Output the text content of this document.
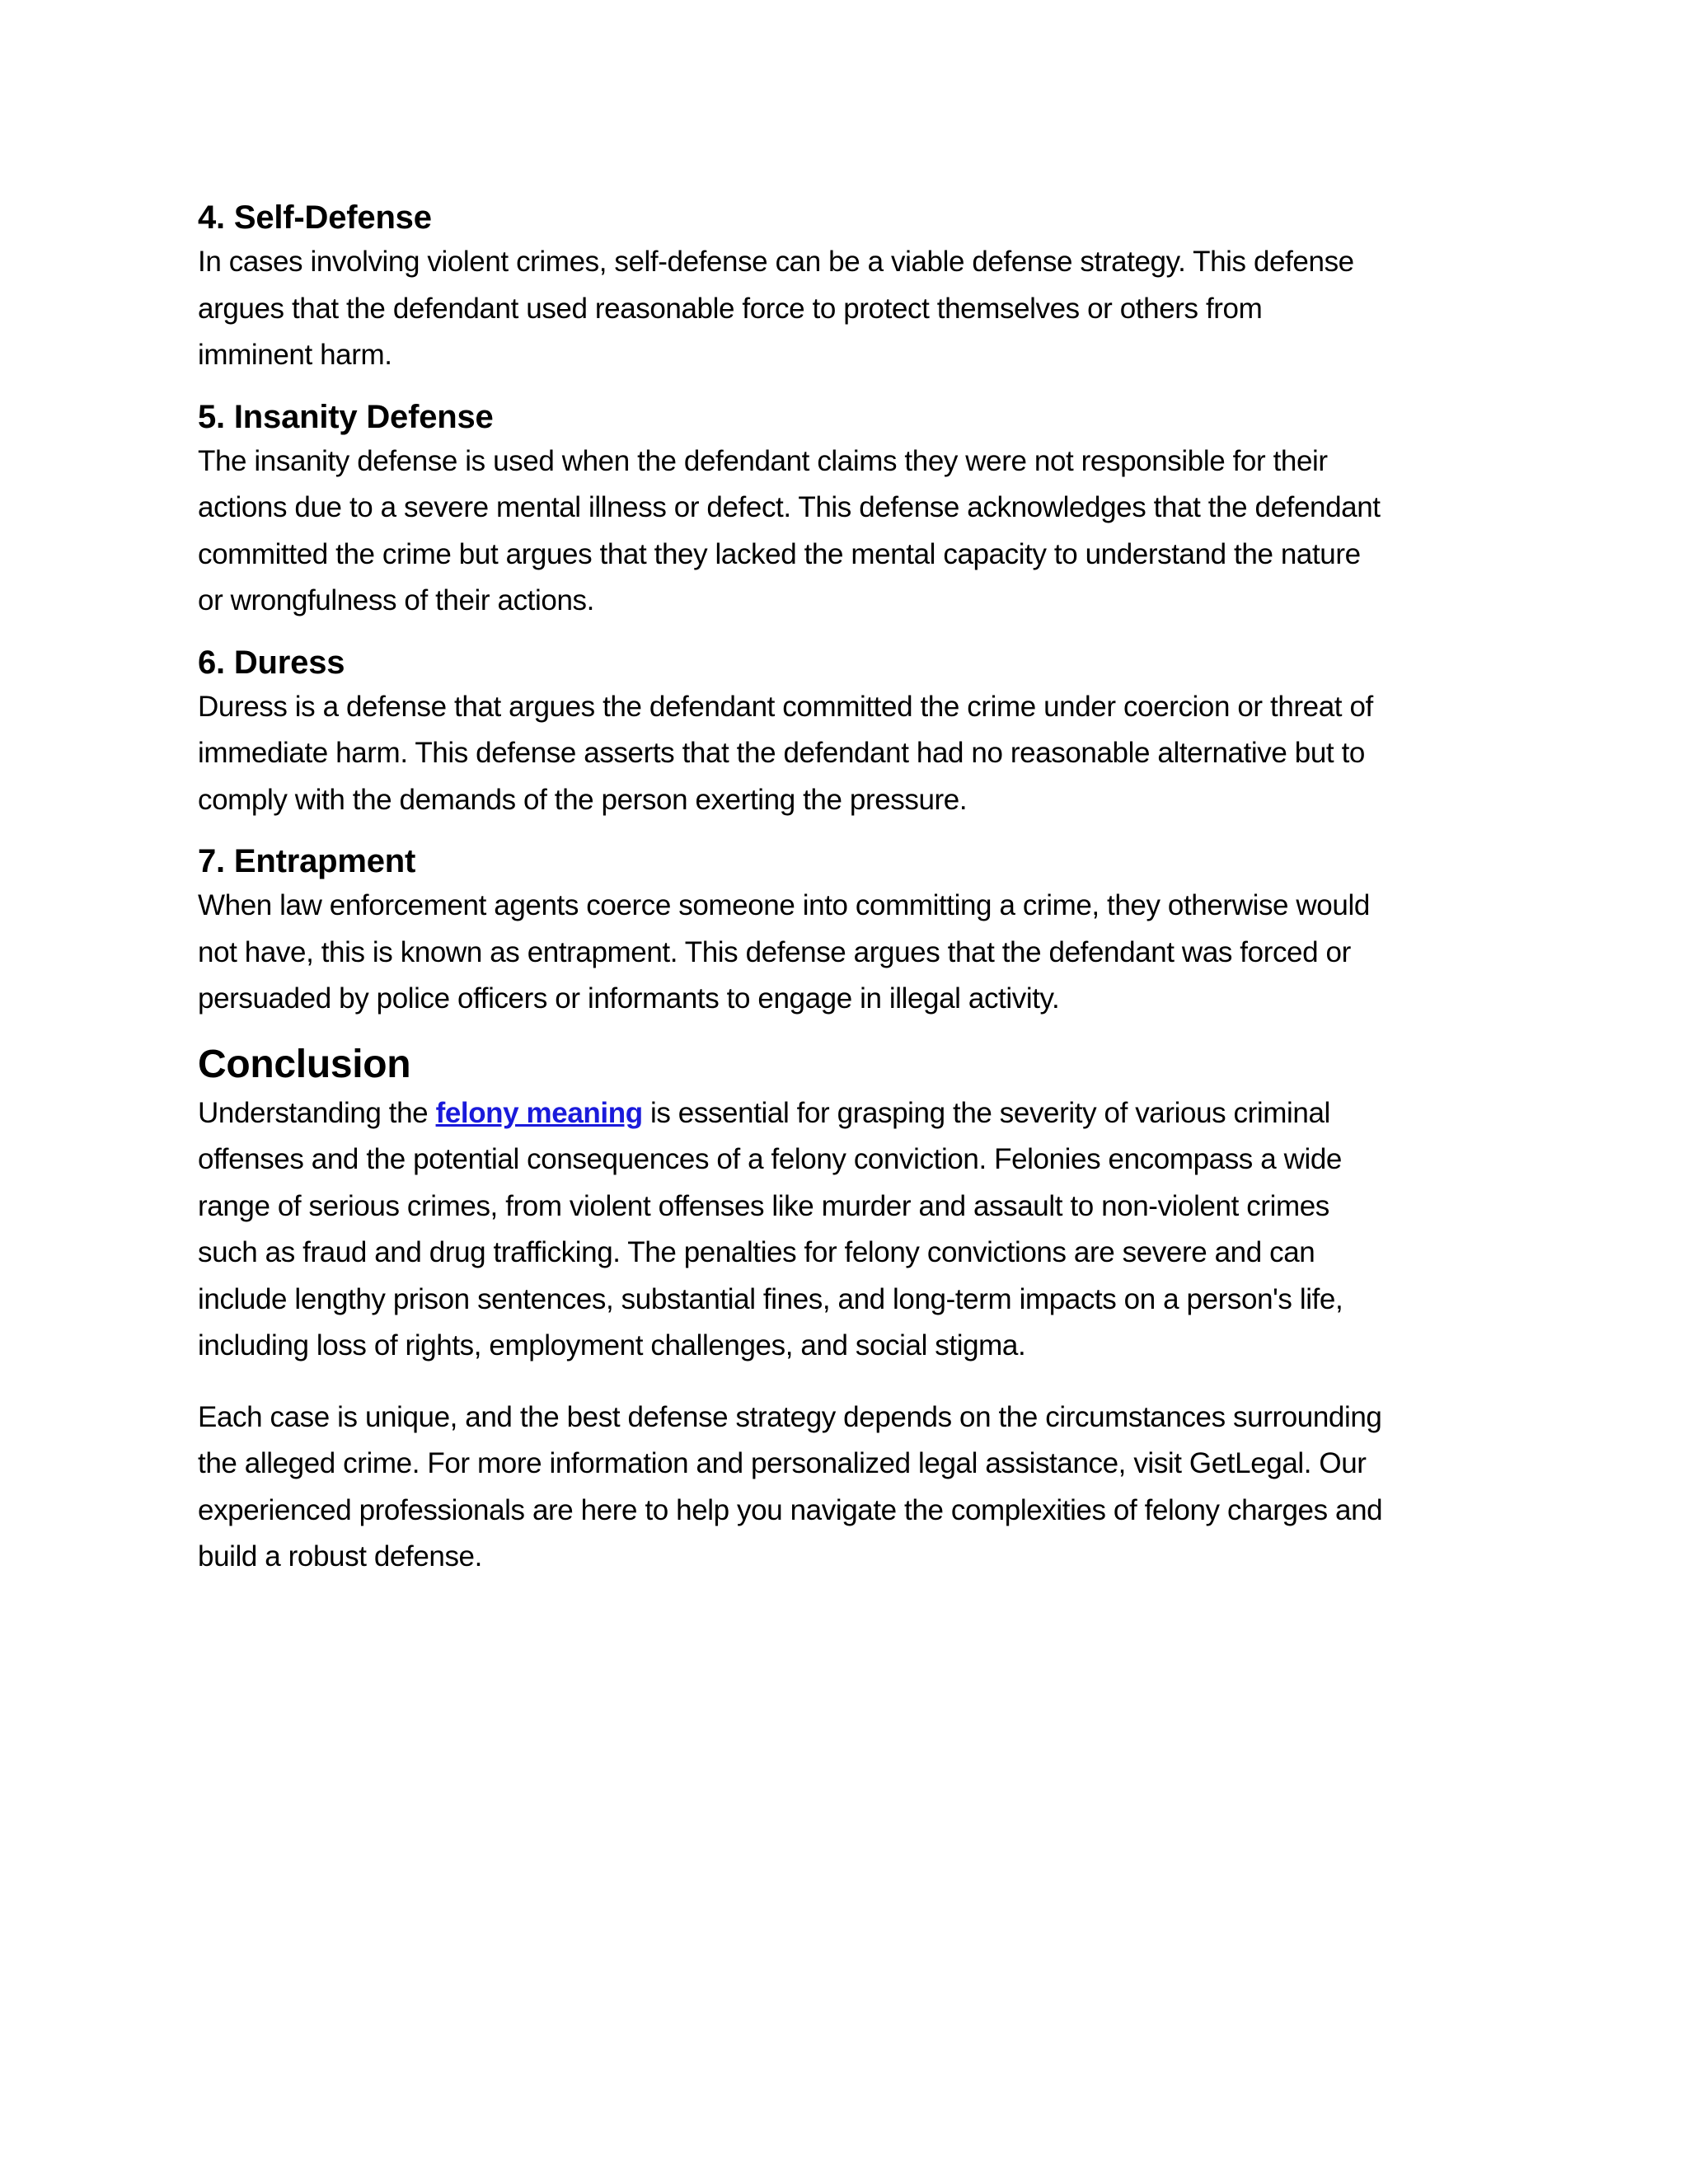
4. Self-Defense

In cases involving violent crimes, self-defense can be a viable defense strategy. This defense
argues that the defendant used reasonable force to protect themselves or others from
imminent harm.

5. Insanity Defense

The insanity defense is used when the defendant claims they were not responsible for their
actions due to a severe mental illness or defect. This defense acknowledges that the defendant
committed the crime but argues that they lacked the mental capacity to understand the nature
or wrongfulness of their actions.

6. Duress

Duress is a defense that argues the defendant committed the crime under coercion or threat of
immediate harm. This defense asserts that the defendant had no reasonable alternative but to
comply with the demands of the person exerting the pressure.

7. Entrapment

When law enforcement agents coerce someone into committing a crime, they otherwise would
not have, this is known as entrapment. This defense argues that the defendant was forced or
persuaded by police officers or informants to engage in illegal activity.

Conclusion

Understanding the felony meaning is essential for grasping the severity of various criminal
offenses and the potential consequences of a felony conviction. Felonies encompass a wide
range of serious crimes, from violent offenses like murder and assault to non-violent crimes
such as fraud and drug trafficking. The penalties for felony convictions are severe and can
include lengthy prison sentences, substantial fines, and long-term impacts on a person's life,
including loss of rights, employment challenges, and social stigma.

Each case is unique, and the best defense strategy depends on the circumstances surrounding
the alleged crime. For more information and personalized legal assistance, visit GetLegal. Our
experienced professionals are here to help you navigate the complexities of felony charges and
build a robust defense.
